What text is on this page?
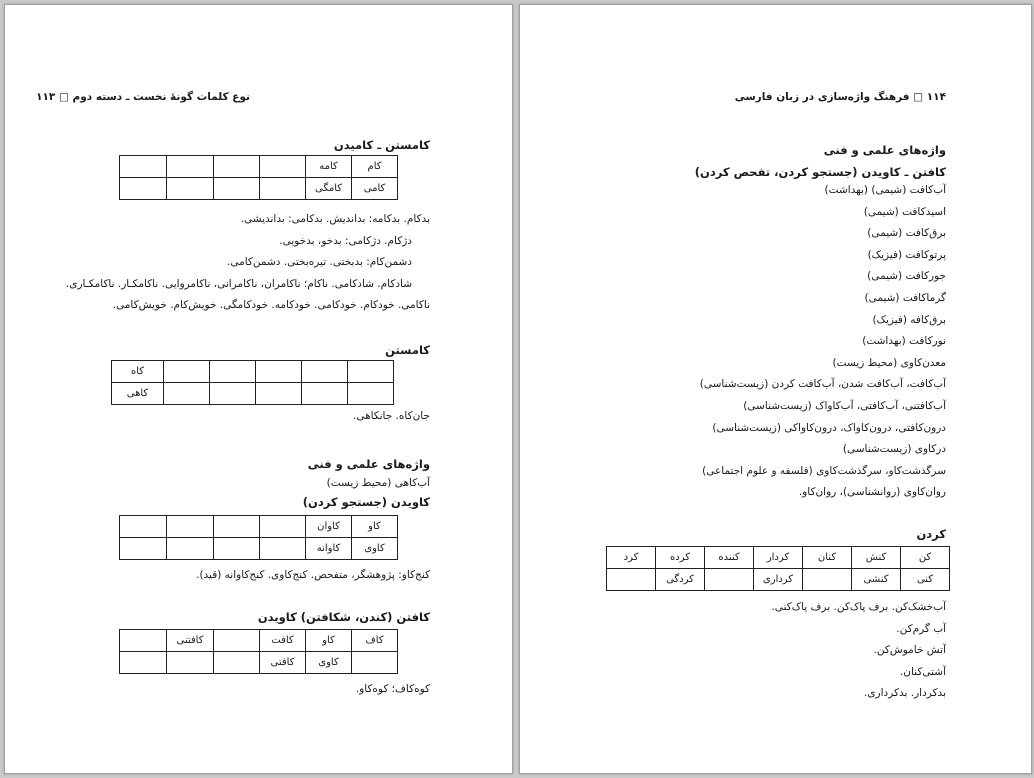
نوع کلمات گونهٔ نخست ـ دسته دوم □ ۱۱۳
کامستن ـ کامیدن
کام	کامه				
کامی	کامگی				
بدکام. بدکامه: بداندیش. بدکامی: بداندیشی.
دژکام. دژکامی: بدخو، بدخویی.
دشمن‌کام: بدبختی. تیره‌بختی. دشمن‌کامی.
شادکام. شادکامی. ناکام؛ ناکامران، ناکامرانی، ناکامروایی. ناکامکـار. ناکامکـاری.
ناکامی. خودکام. خودکامی. خودکامه. خودکامگی. خویش‌کام. خویش‌کامی.
کامستن
					کاه
					کاهی
جان‌کاه. جانکاهی.
واژه‌های علمی و فنی
آب‌کاهی (محیط زیست)
کاویدن (جستجو کردن)
کاو	کاوان				
کاوی	کاوانه				
کنج‌کاو: پژوهشگر، متفحص. کنج‌کاوی. کنج‌کاوانه (قید).
کافتن (کندن، شکافتن) کاویدن
کاف	کاو	کافت		کافتنی	
	کاوی	کافتی			
کوه‌کاف؛ کوه‌کاو.
۱۱۴ □ فرهنگ واژه‌سازی در زبان فارسی
واژه‌های علمی و فنی
کافتن ـ کاویدن (جستجو کردن، تفحص کردن)
آب‌کافت (شیمی) (بهداشت)
اسیدکافت (شیمی)
برق‌کافت (شیمی)
پرتوکافت (فیزیک)
جورکافت (شیمی)
گرماکافت (شیمی)
برق‌کافه (فیزیک)
نورکافت (بهداشت)
معدن‌کاوی (محیط زیست)
آب‌کافت، آب‌کافت شدن، آب‌کافت کردن (زیست‌شناسی)
آب‌کافتنی، آب‌کافتی، آب‌کاواک (زیست‌شناسی)
درون‌کافتی، درون‌کاواک، درون‌کاواکی (زیست‌شناسی)
درکاوی (زیست‌شناسی)
سرگذشت‌کاو، سرگذشت‌کاوی (فلسفه و علوم اجتماعی)
روان‌کاوی (روانشناسی)، روان‌کاو.
کردن
کن	کنش	کنان	کردار	کننده	کرده	کرد
کنی	کنشی		کرداری		کردگی	
آب‌خشک‌کن. برف پاک‌کن. برف پاک‌کنی.
آب گرم‌کن.
آتش خاموش‌کن.
آشتی‌کنان.
بدکردار. بدکرداری.
